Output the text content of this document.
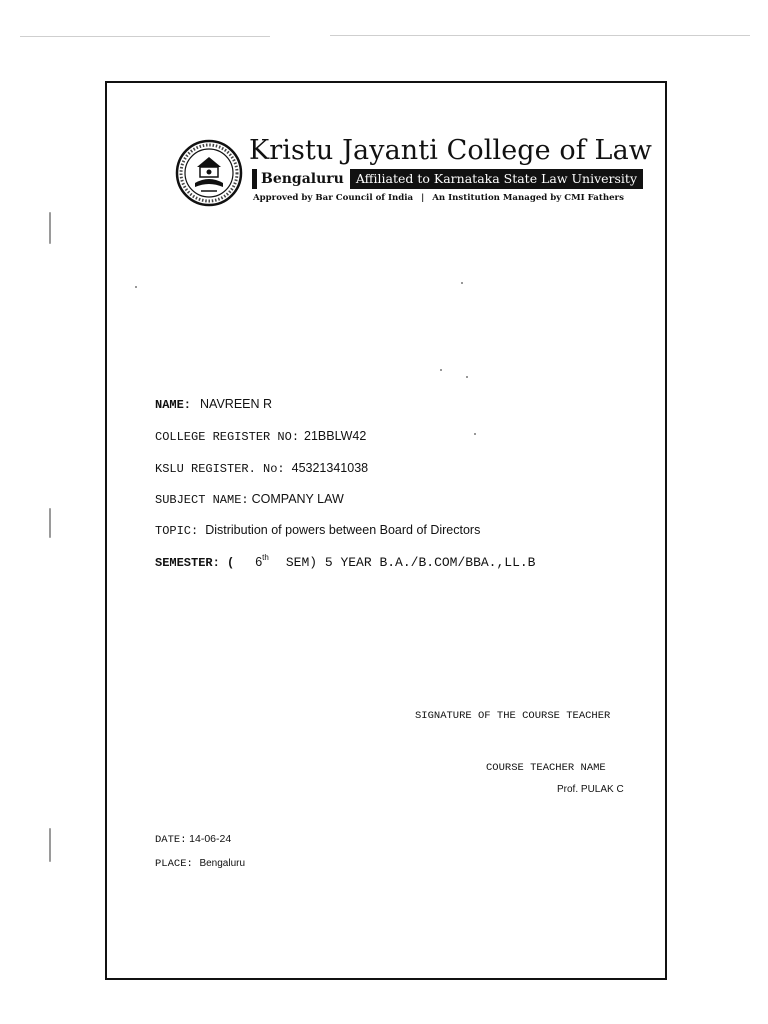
Kristu Jayanti College of Law
Bengaluru Affiliated to Karnataka State Law University
Approved by Bar Council of India | An Institution Managed by CMI Fathers
NAME: NAVREEN R
COLLEGE REGISTER NO: 21BBLW42
KSLU REGISTER. No: 45321341038
SUBJECT NAME: COMPANY LAW
TOPIC: Distribution of powers between Board of Directors
SEMESTER: ( 6th SEM) 5 YEAR B.A./B.COM/BBA.,LL.B
SIGNATURE OF THE COURSE TEACHER
COURSE TEACHER NAME
Prof. PULAK C
DATE: 14-06-24
PLACE: Bengaluru
